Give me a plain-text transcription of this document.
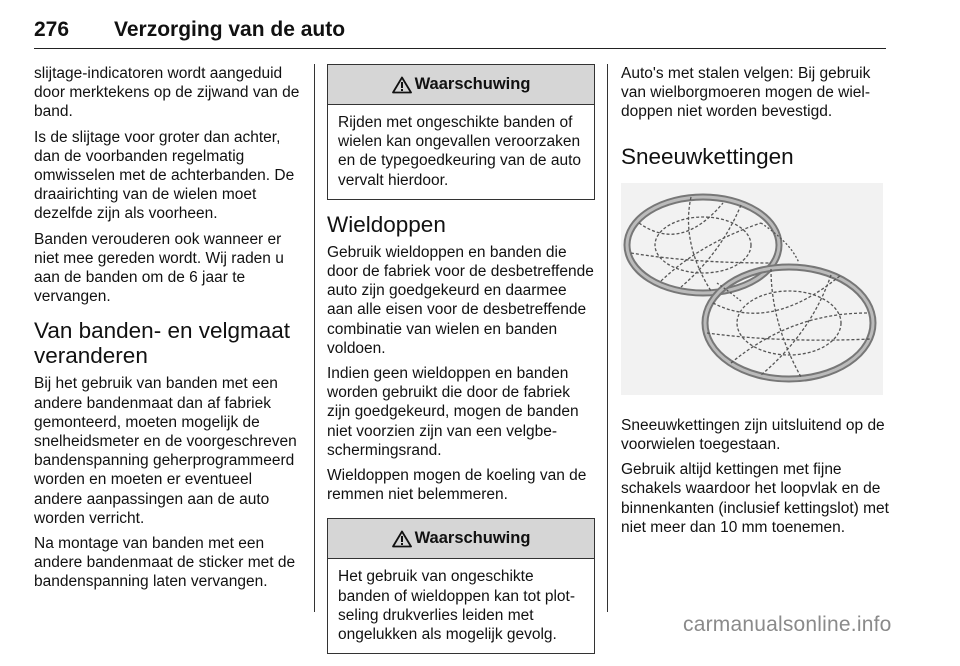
276 Verzorging van de auto

slijtage-indicatoren wordt aangeduid door merktekens op de zijwand van de band.

Is de slijtage voor groter dan achter, dan de voorbanden regelmatig omwisselen met de achterbanden. De draairichting van de wielen moet dezelfde zijn als voorheen.

Banden verouderen ook wanneer er niet mee gereden wordt. Wij raden u aan de banden om de 6 jaar te vervangen.

Van banden- en velgmaat veranderen

Bij het gebruik van banden met een andere bandenmaat dan af fabriek gemonteerd, moeten mogelijk de snelheidsmeter en de voorgeschreven bandenspanning geherprogrammeerd worden en moeten er eventueel andere aanpassingen aan de auto worden verricht.

Na montage van banden met een andere bandenmaat de sticker met de bandenspanning laten vervangen.

Waarschuwing

Rijden met ongeschikte banden of wielen kan ongevallen veroorzaken en de typegoedkeuring van de auto vervalt hierdoor.

Wieldoppen

Gebruik wieldoppen en banden die door de fabriek voor de desbetreffende auto zijn goedgekeurd en daarmee aan alle eisen voor de desbetreffende combinatie van wielen en banden voldoen.

Indien geen wieldoppen en banden worden gebruikt die door de fabriek zijn goedgekeurd, mogen de banden niet voorzien zijn van een velgbeschermingsrand.

Wieldoppen mogen de koeling van de remmen niet belemmeren.

Waarschuwing

Het gebruik van ongeschikte banden of wieldoppen kan tot plotseling drukverlies leiden met ongelukken als mogelijk gevolg.

Auto's met stalen velgen: Bij gebruik van wielborgmoeren mogen de wieldoppen niet worden bevestigd.

Sneeuwkettingen

Sneeuwkettingen zijn uitsluitend op de voorwielen toegestaan.

Gebruik altijd kettingen met fijne schakels waardoor het loopvlak en de binnenkanten (inclusief kettingslot) met niet meer dan 10 mm toenemen.

carmanualsonline.info
